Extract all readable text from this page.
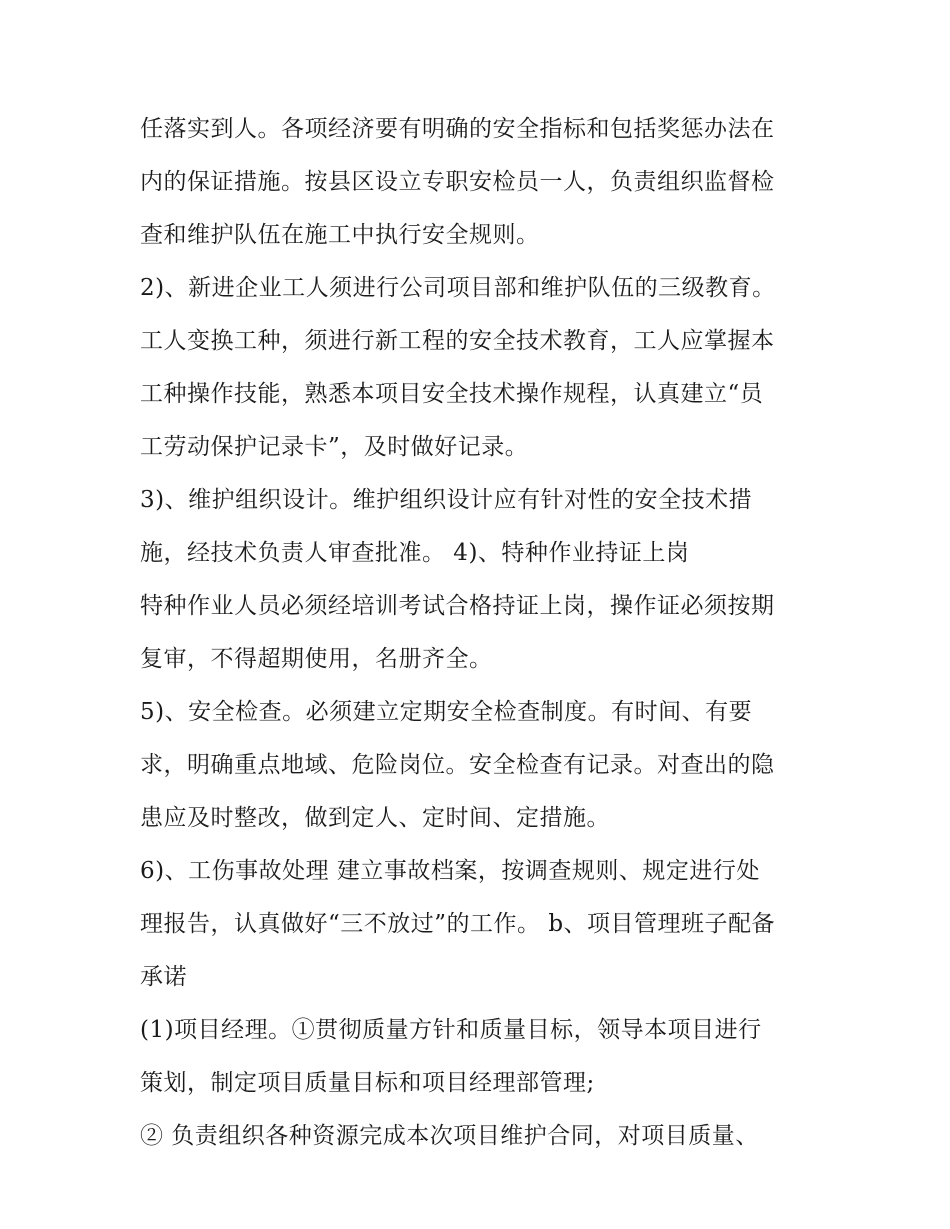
任落实到人。各项经济要有明确的安全指标和包括奖惩办法在
内的保证措施。按县区设立专职安检员一人，负责组织监督检
查和维护队伍在施工中执行安全规则。
2)、新进企业工人须进行公司项目部和维护队伍的三级教育。
工人变换工种，须进行新工程的安全技术教育，工人应掌握本
工种操作技能，熟悉本项目安全技术操作规程，认真建立“员
工劳动保护记录卡”，及时做好记录。
3)、维护组织设计。维护组织设计应有针对性的安全技术措
施，经技术负责人审查批准。 4)、特种作业持证上岗
特种作业人员必须经培训考试合格持证上岗，操作证必须按期
复审，不得超期使用，名册齐全。
5)、安全检查。必须建立定期安全检查制度。有时间、有要
求，明确重点地域、危险岗位。安全检查有记录。对查出的隐
患应及时整改，做到定人、定时间、定措施。
6)、工伤事故处理 建立事故档案，按调查规则、规定进行处
理报告，认真做好“三不放过”的工作。 b、项目管理班子配备
承诺
(1)项目经理。①贯彻质量方针和质量目标，领导本项目进行
策划，制定项目质量目标和项目经理部管理;
② 负责组织各种资源完成本次项目维护合同，对项目质量、
